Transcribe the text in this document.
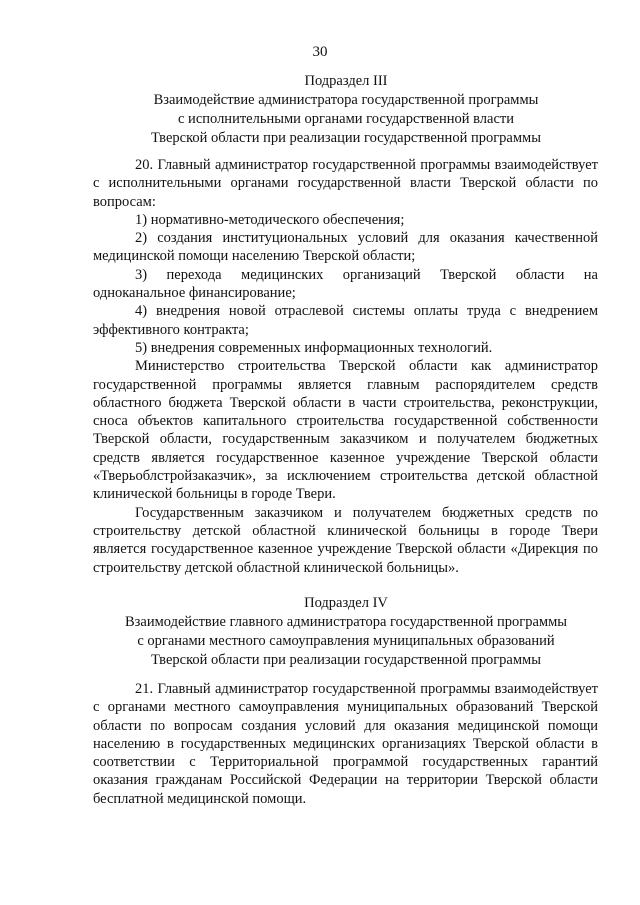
30
Подраздел III
Взаимодействие администратора государственной программы
с исполнительными органами государственной власти
Тверской области при реализации государственной программы

20. Главный администратор государственной программы взаимодействует с исполнительными органами государственной власти Тверской области по вопросам:

1) нормативно-методического обеспечения;

2) создания институциональных условий для оказания качественной медицинской помощи населению Тверской области;

3) перехода медицинских организаций Тверской области на одноканальное финансирование;

4) внедрения новой отраслевой системы оплаты труда с внедрением эффективного контракта;

5) внедрения современных информационных технологий.

Министерство строительства Тверской области как администратор государственной программы является главным распорядителем средств областного бюджета Тверской области в части строительства, реконструкции, сноса объектов капитального строительства государственной собственности Тверской области, государственным заказчиком и получателем бюджетных средств является государственное казенное учреждение Тверской области «Тверьоблстройзаказчик», за исключением строительства детской областной клинической больницы в городе Твери.

Государственным заказчиком и получателем бюджетных средств по строительству детской областной клинической больницы в городе Твери является государственное казенное учреждение Тверской области «Дирекция по строительству детской областной клинической больницы».

Подраздел IV
Взаимодействие главного администратора государственной программы
с органами местного самоуправления муниципальных образований
Тверской области при реализации государственной программы

21. Главный администратор государственной программы взаимодействует с органами местного самоуправления муниципальных образований Тверской области по вопросам создания условий для оказания медицинской помощи населению в государственных медицинских организациях Тверской области в соответствии с Территориальной программой государственных гарантий оказания гражданам Российской Федерации на территории Тверской области бесплатной медицинской помощи.
